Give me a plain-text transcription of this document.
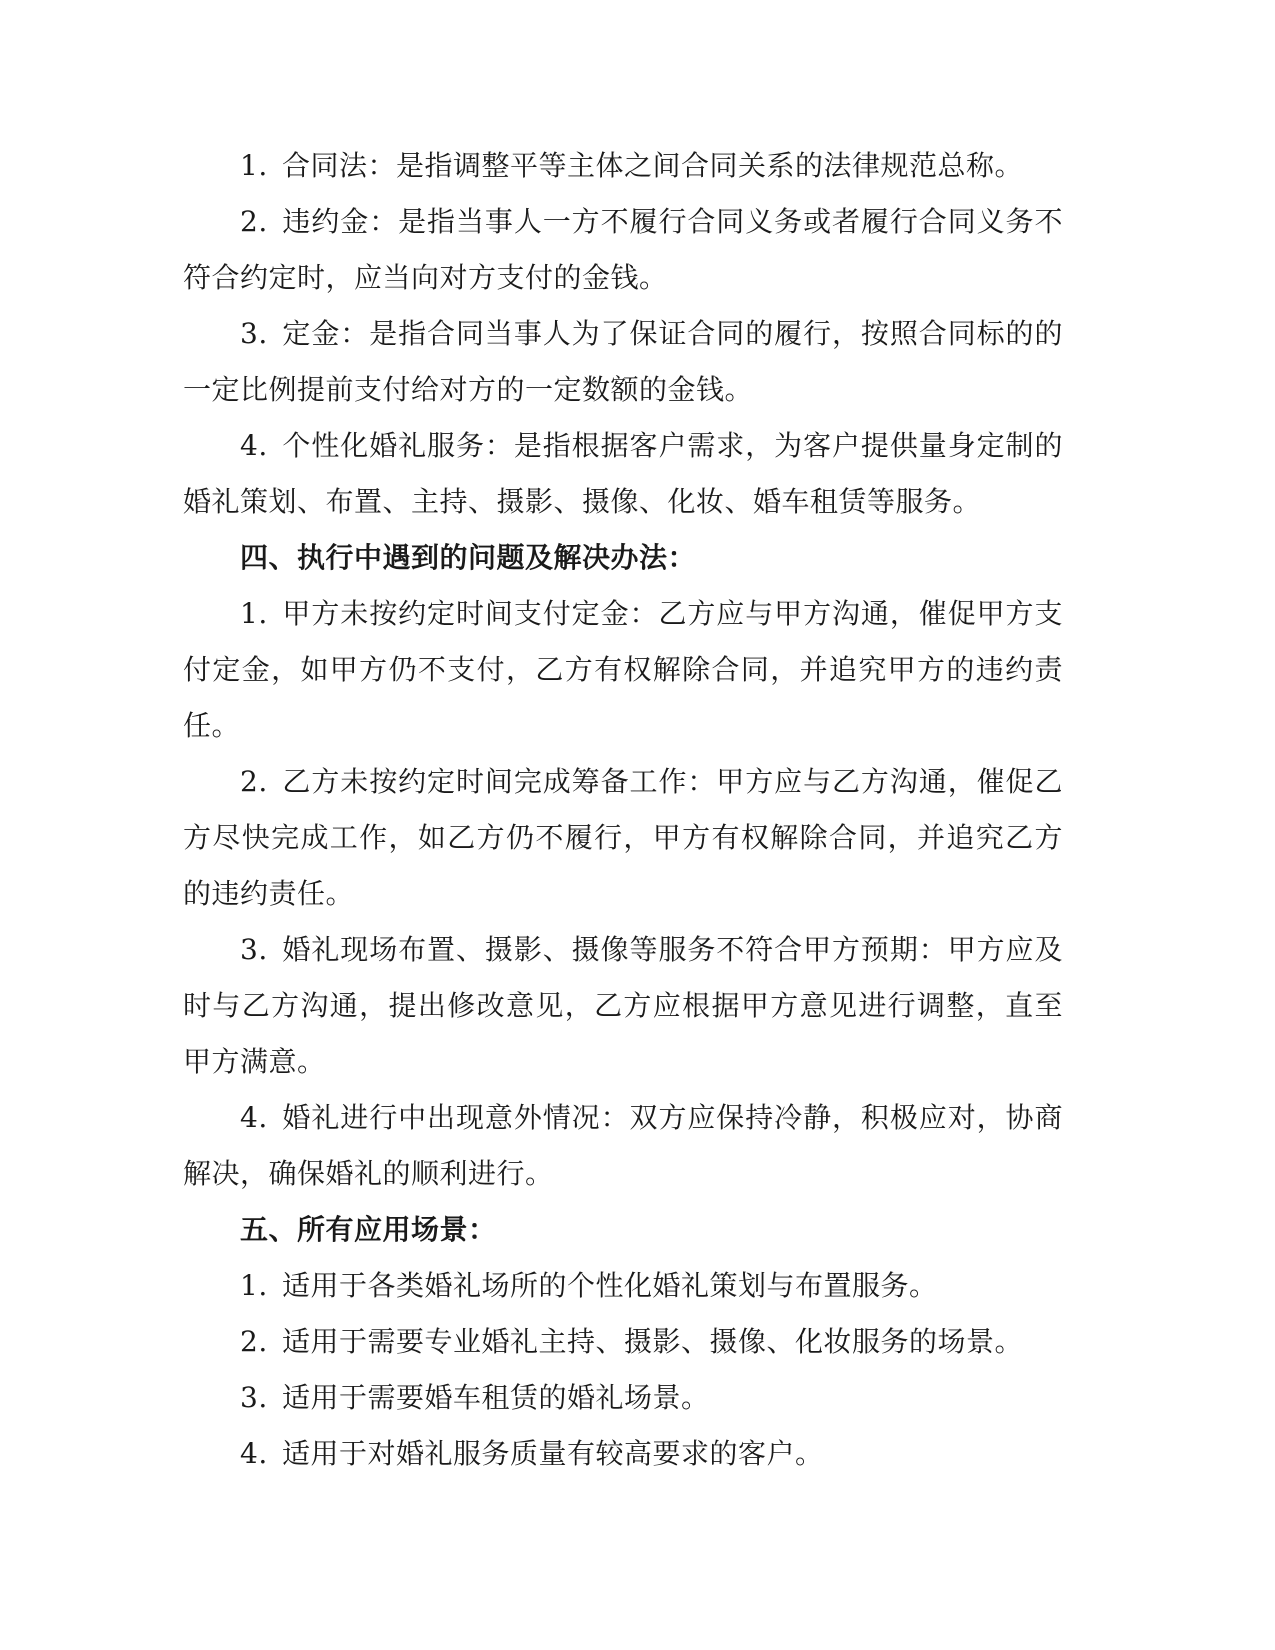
1. 合同法：是指调整平等主体之间合同关系的法律规范总称。

2. 违约金：是指当事人一方不履行合同义务或者履行合同义务不符合约定时，应当向对方支付的金钱。

3. 定金：是指合同当事人为了保证合同的履行，按照合同标的的一定比例提前支付给对方的一定数额的金钱。

4. 个性化婚礼服务：是指根据客户需求，为客户提供量身定制的婚礼策划、布置、主持、摄影、摄像、化妆、婚车租赁等服务。

四、执行中遇到的问题及解决办法：

1. 甲方未按约定时间支付定金：乙方应与甲方沟通，催促甲方支付定金，如甲方仍不支付，乙方有权解除合同，并追究甲方的违约责任。

2. 乙方未按约定时间完成筹备工作：甲方应与乙方沟通，催促乙方尽快完成工作，如乙方仍不履行，甲方有权解除合同，并追究乙方的违约责任。

3. 婚礼现场布置、摄影、摄像等服务不符合甲方预期：甲方应及时与乙方沟通，提出修改意见，乙方应根据甲方意见进行调整，直至甲方满意。

4. 婚礼进行中出现意外情况：双方应保持冷静，积极应对，协商解决，确保婚礼的顺利进行。

五、所有应用场景：

1. 适用于各类婚礼场所的个性化婚礼策划与布置服务。

2. 适用于需要专业婚礼主持、摄影、摄像、化妆服务的场景。

3. 适用于需要婚车租赁的婚礼场景。

4. 适用于对婚礼服务质量有较高要求的客户。
